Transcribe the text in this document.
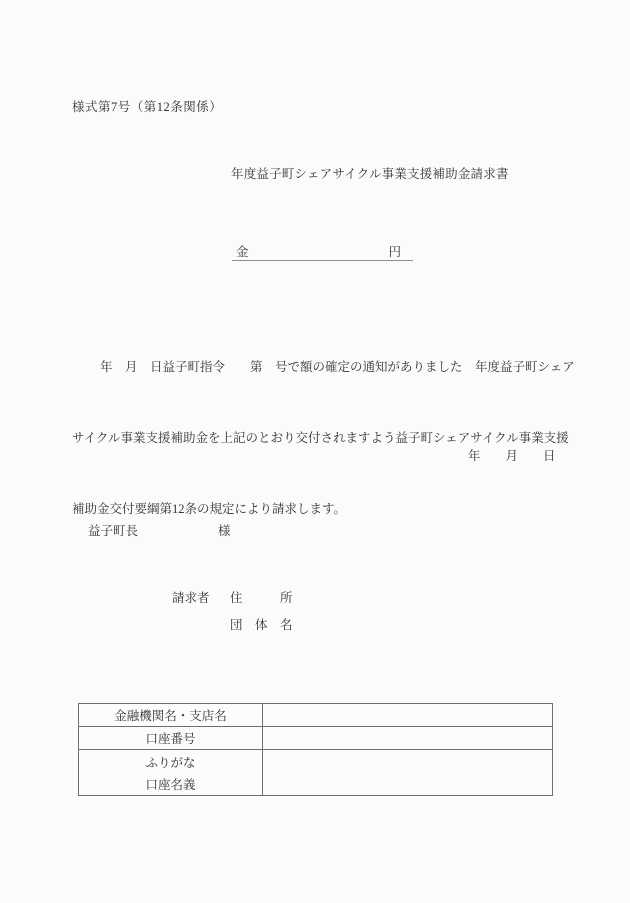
様式第7号（第12条関係）
年度益子町シェアサイクル事業支援補助金請求書

金

	円

年　月　日益子町指令　　第　号で額の確定の通知がありました　年度益子町シェア

サイクル事業支援補助金を上記のとおり交付されますよう益子町シェアサイクル事業支援

補助金交付要綱第12条の規定により請求します。

年　　月　　日
益子町長	様
請求者 住　　　所
団　体　名
金融機関名・支店名
口座番号
ふりがな
口座名義
